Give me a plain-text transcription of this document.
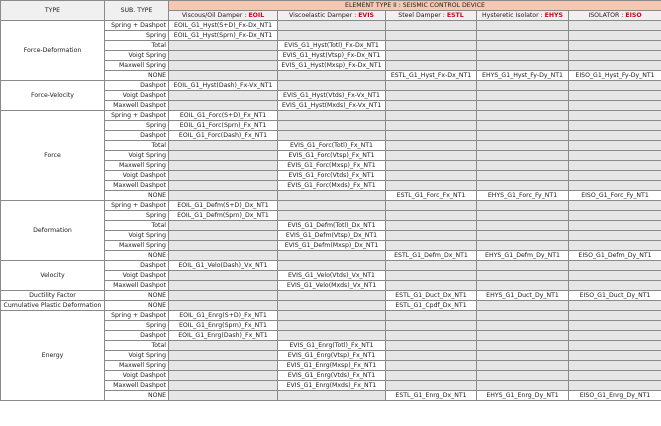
TYPE	SUB. TYPE	ELEMENT TYPE II : SEISMIC CONTROL DEVICE				
		Viscous/Oil Damper : EOIL	Viscoelastic Damper : EVIS	Steel Damper : ESTL	Hysteretic Isolator : EHYS	ISOLATOR : EISO
Force-Deformation	Spring + Dashpot	EOIL_G1_Hyst(S+D)_Fx-Dx_NT1				
	Spring	EOIL_G1_Hyst(Sprn)_Fx-Dx_NT1				
	Total		EVIS_G1_Hyst(Totl)_Fx-Dx_NT1			
	Voigt Spring		EVIS_G1_Hyst(Vtsp)_Fx-Dx_NT1			
	Maxwell Spring		EVIS_G1_Hyst(Mxsp)_Fx-Dx_NT1			
	NONE			ESTL_G1_Hyst_Fx-Dx_NT1	EHYS_G1_Hyst_Fy-Dy_NT1	EISO_G1_Hyst_Fy-Dy_NT1
Force-Velocity	Dashpot	EOIL_G1_Hyst(Dash)_Fx-Vx_NT1				
	Voigt Dashpot		EVIS_G1_Hyst(Vtds)_Fx-Vx_NT1			
	Maxwell Dashpot		EVIS_G1_Hyst(Mxds)_Fx-Vx_NT1			
Force	Spring + Dashpot	EOIL_G1_Forc(S+D)_Fx_NT1				
	Spring	EOIL_G1_Forc(Sprn)_Fx_NT1				
	Dashpot	EOIL_G1_Forc(Dash)_Fx_NT1				
	Total		EVIS_G1_Forc(Totl)_Fx_NT1			
	Voigt Spring		EVIS_G1_Forc(Vtsp)_Fx_NT1			
	Maxwell Spring		EVIS_G1_Forc(Mxsp)_Fx_NT1			
	Voigt Dashpot		EVIS_G1_Forc(Vtds)_Fx_NT1			
	Maxwell Dashpot		EVIS_G1_Forc(Mxds)_Fx_NT1			
	NONE			ESTL_G1_Forc_Fx_NT1	EHYS_G1_Forc_Fy_NT1	EISO_G1_Forc_Fy_NT1
Deformation	Spring + Dashpot	EOIL_G1_Defm(S+D)_Dx_NT1				
	Spring	EOIL_G1_Defm(Sprn)_Dx_NT1				
	Total		EVIS_G1_Defm(Totl)_Dx_NT1			
	Voigt Spring		EVIS_G1_Defm(Vtsp)_Dx_NT1			
	Maxwell Spring		EVIS_G1_Defm(Mxsp)_Dx_NT1			
	NONE			ESTL_G1_Defm_Dx_NT1	EHYS_G1_Defm_Dy_NT1	EISO_G1_Defm_Dy_NT1
Velocity	Dashpot	EOIL_G1_Velo(Dash)_Vx_NT1				
	Voigt Dashpot		EVIS_G1_Velo(Vtds)_Vx_NT1			
	Maxwell Dashpot		EVIS_G1_Velo(Mxds)_Vx_NT1			
Ductility Factor	NONE			ESTL_G1_Duct_Dx_NT1	EHYS_G1_Duct_Dy_NT1	EISO_G1_Duct_Dy_NT1
Cumulative Plastic Deformation	NONE			ESTL_G1_Cpdf_Dx_NT1		
Energy	Spring + Dashpot	EOIL_G1_Enrg(S+D)_Fx_NT1				
	Spring	EOIL_G1_Enrg(Sprn)_Fx_NT1				
	Dashpot	EOIL_G1_Enrg(Dash)_Fx_NT1				
	Total		EVIS_G1_Enrg(Totl)_Fx_NT1			
	Voigt Spring		EVIS_G1_Enrg(Vtsp)_Fx_NT1			
	Maxwell Spring		EVIS_G1_Enrg(Mxsp)_Fx_NT1			
	Voigt Dashpot		EVIS_G1_Enrg(Vtds)_Fx_NT1			
	Maxwell Dashpot		EVIS_G1_Enrg(Mxds)_Fx_NT1			
	NONE			ESTL_G1_Enrg_Dx_NT1	EHYS_G1_Enrg_Dy_NT1	EISO_G1_Enrg_Dy_NT1
